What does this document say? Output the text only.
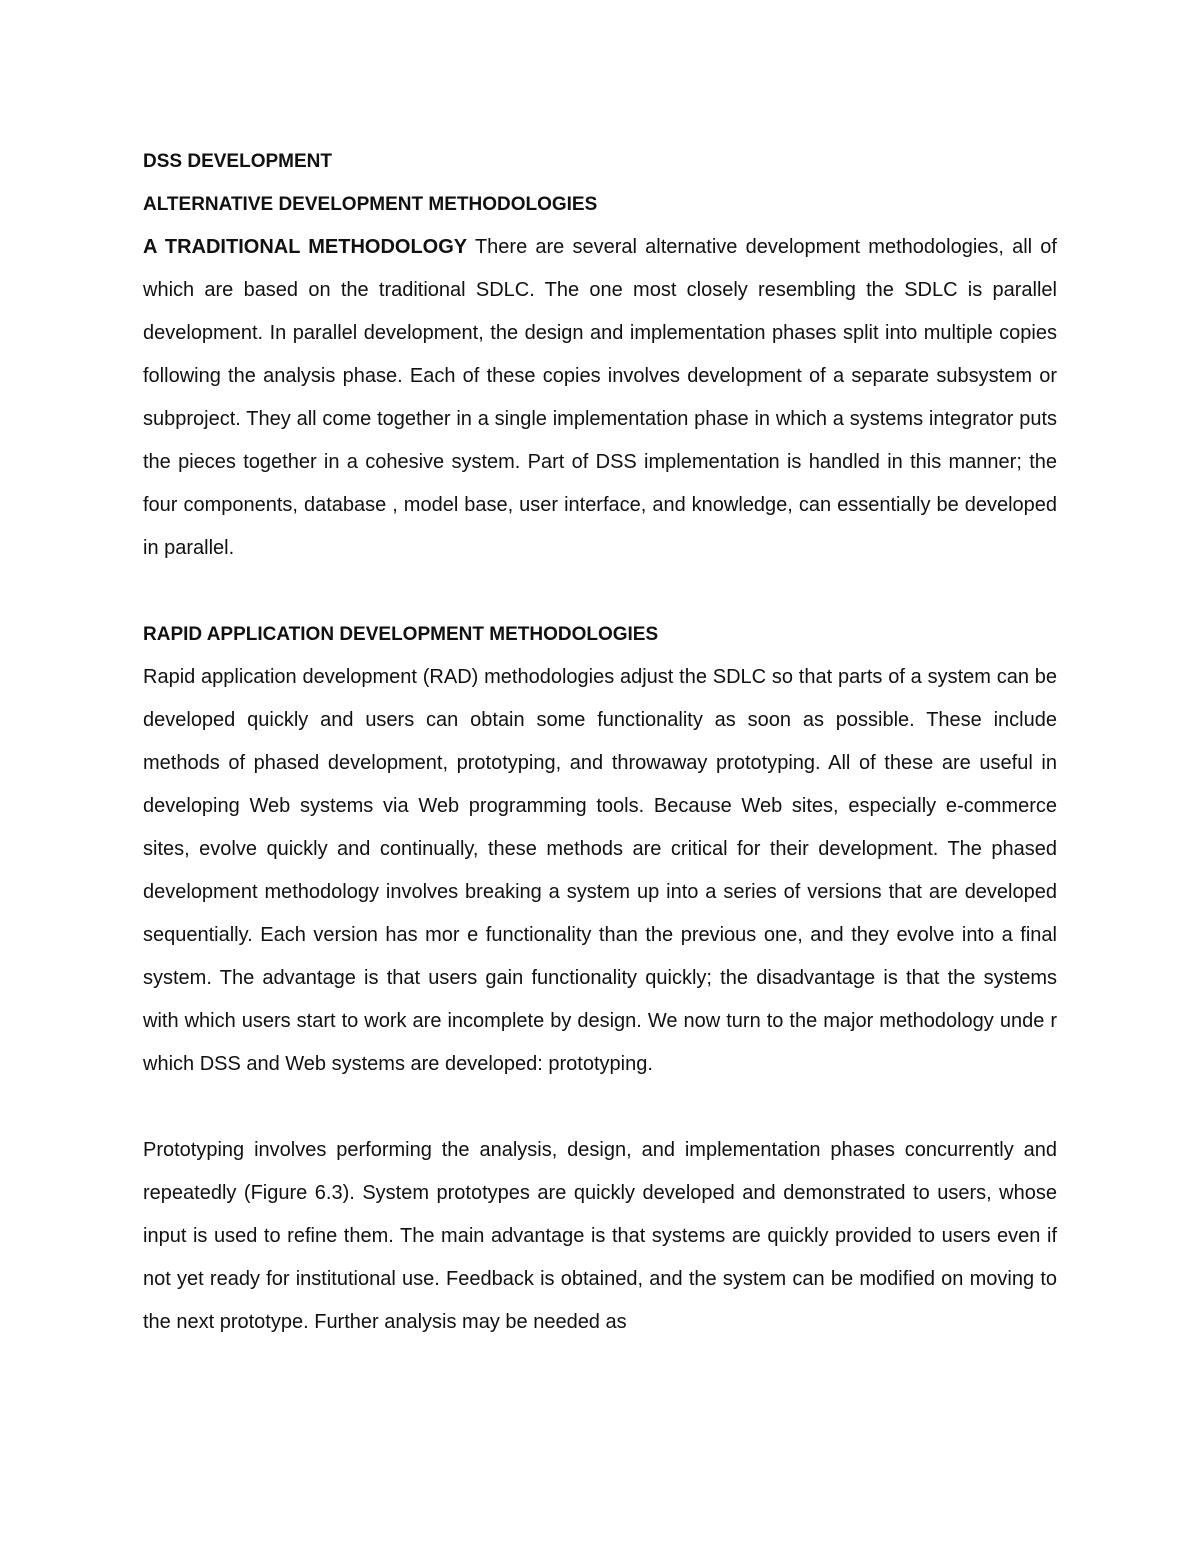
DSS DEVELOPMENT
ALTERNATIVE DEVELOPMENT METHODOLOGIES

A TRADITIONAL METHODOLOGY There are several alternative development methodologies, all of which are based on the traditional SDLC. The one most closely resembling the SDLC is parallel development. In parallel development, the design and implementation phases split into multiple copies following the analysis phase. Each of these copies involves development of a separate subsystem or subproject. They all come together in a single implementation phase in which a systems integrator puts the pieces together in a cohesive system. Part of DSS implementation is handled in this manner; the four components, database , model base, user interface, and knowledge, can essentially be developed in parallel.

RAPID APPLICATION DEVELOPMENT METHODOLOGIES

Rapid application development (RAD) methodologies adjust the SDLC so that parts of a system can be developed quickly and users can obtain some functionality as soon as possible. These include methods of phased development, prototyping, and throwaway prototyping. All of these are useful in developing Web systems via Web programming tools. Because Web sites, especially e-commerce sites, evolve quickly and continually, these methods are critical for their development. The phased development methodology involves breaking a system up into a series of versions that are developed sequentially. Each version has mor e functionality than the previous one, and they evolve into a final system. The advantage is that users gain functionality quickly; the disadvantage is that the systems with which users start to work are incomplete by design. We now turn to the major methodology unde r which DSS and Web systems are developed: prototyping.

Prototyping involves performing the analysis, design, and implementation phases concurrently and repeatedly (Figure 6.3). System prototypes are quickly developed and demonstrated to users, whose input is used to refine them. The main advantage is that systems are quickly provided to users even if not yet ready for institutional use. Feedback is obtained, and the system can be modified on moving to the next prototype. Further analysis may be needed as
